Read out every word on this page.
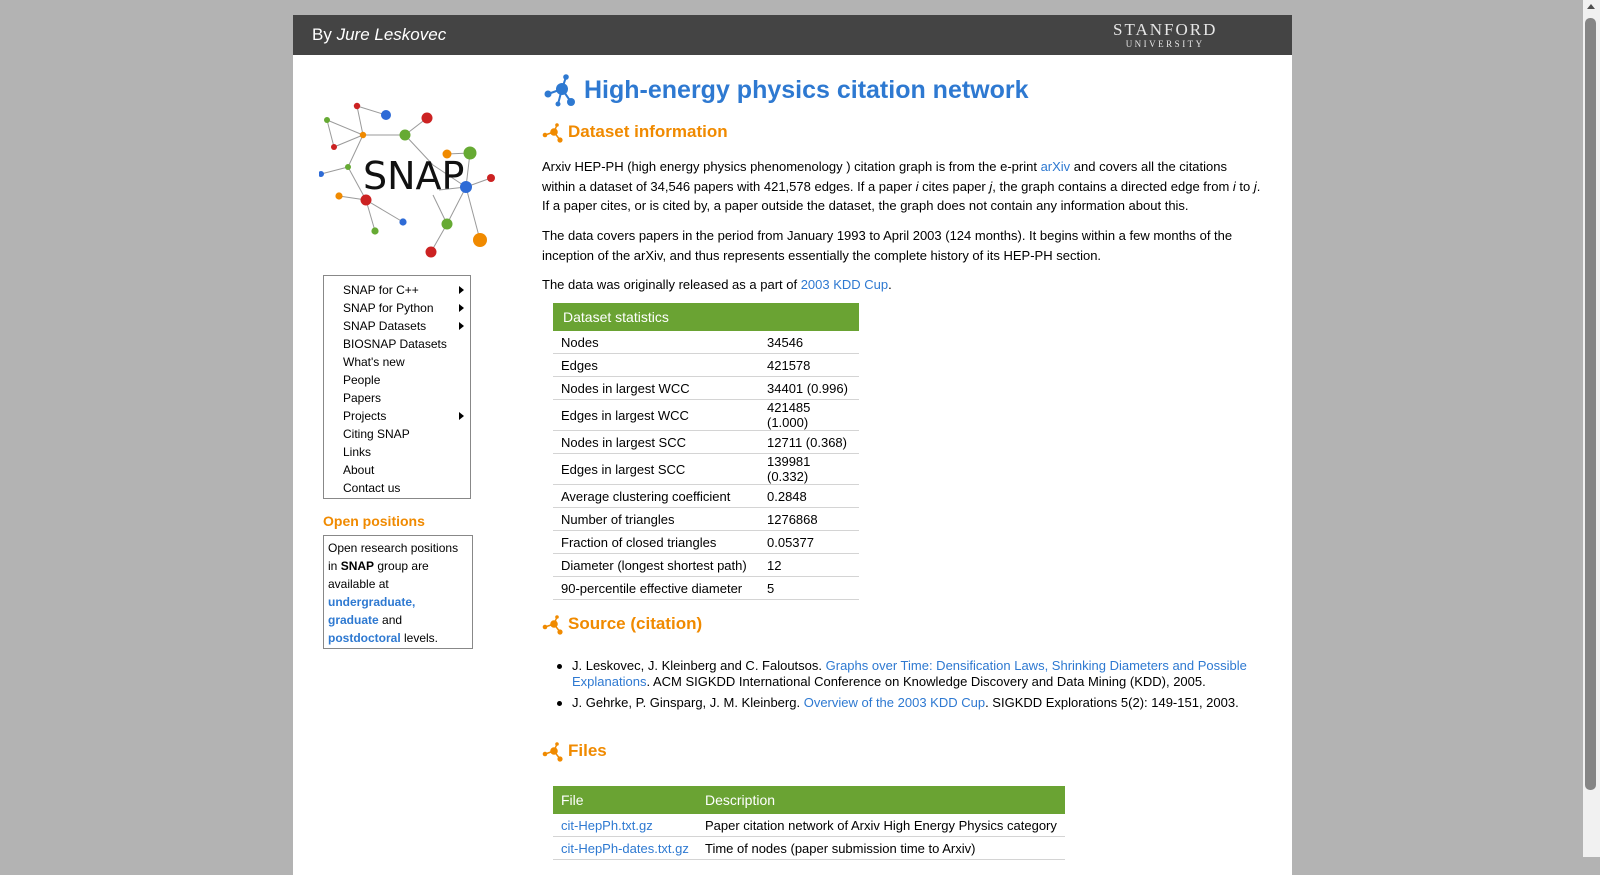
By Jure Leskovec	STANFORD
UNIVERSITY
SNAP
SNAP for C++
SNAP for Python
SNAP Datasets
BIOSNAP Datasets
What's new
People
Papers
Projects
Citing SNAP
Links
About
Contact us
Open positions
Open research positions in SNAP group are available at undergraduate, graduate and postdoctoral levels.
High-energy physics citation network
Dataset information
Arxiv HEP-PH (high energy physics phenomenology ) citation graph is from the e-print arXiv and covers all the citations within a dataset of 34,546 papers with 421,578 edges. If a paper i cites paper j, the graph contains a directed edge from i to j. If a paper cites, or is cited by, a paper outside the dataset, the graph does not contain any information about this.
The data covers papers in the period from January 1993 to April 2003 (124 months). It begins within a few months of the inception of the arXiv, and thus represents essentially the complete history of its HEP-PH section.
The data was originally released as a part of 2003 KDD Cup.
Dataset statistics	
Nodes	34546
Edges	421578
Nodes in largest WCC	34401 (0.996)
Edges in largest WCC	421485 (1.000)
Nodes in largest SCC	12711 (0.368)
Edges in largest SCC	139981 (0.332)
Average clustering coefficient	0.2848
Number of triangles	1276868
Fraction of closed triangles	0.05377
Diameter (longest shortest path)	12
90-percentile effective diameter	5
Source (citation)
J. Leskovec, J. Kleinberg and C. Faloutsos. Graphs over Time: Densification Laws, Shrinking Diameters and Possible Explanations. ACM SIGKDD International Conference on Knowledge Discovery and Data Mining (KDD), 2005.
J. Gehrke, P. Ginsparg, J. M. Kleinberg. Overview of the 2003 KDD Cup. SIGKDD Explorations 5(2): 149-151, 2003.
Files
File	Description
cit-HepPh.txt.gz	Paper citation network of Arxiv High Energy Physics category
cit-HepPh-dates.txt.gz	Time of nodes (paper submission time to Arxiv)
